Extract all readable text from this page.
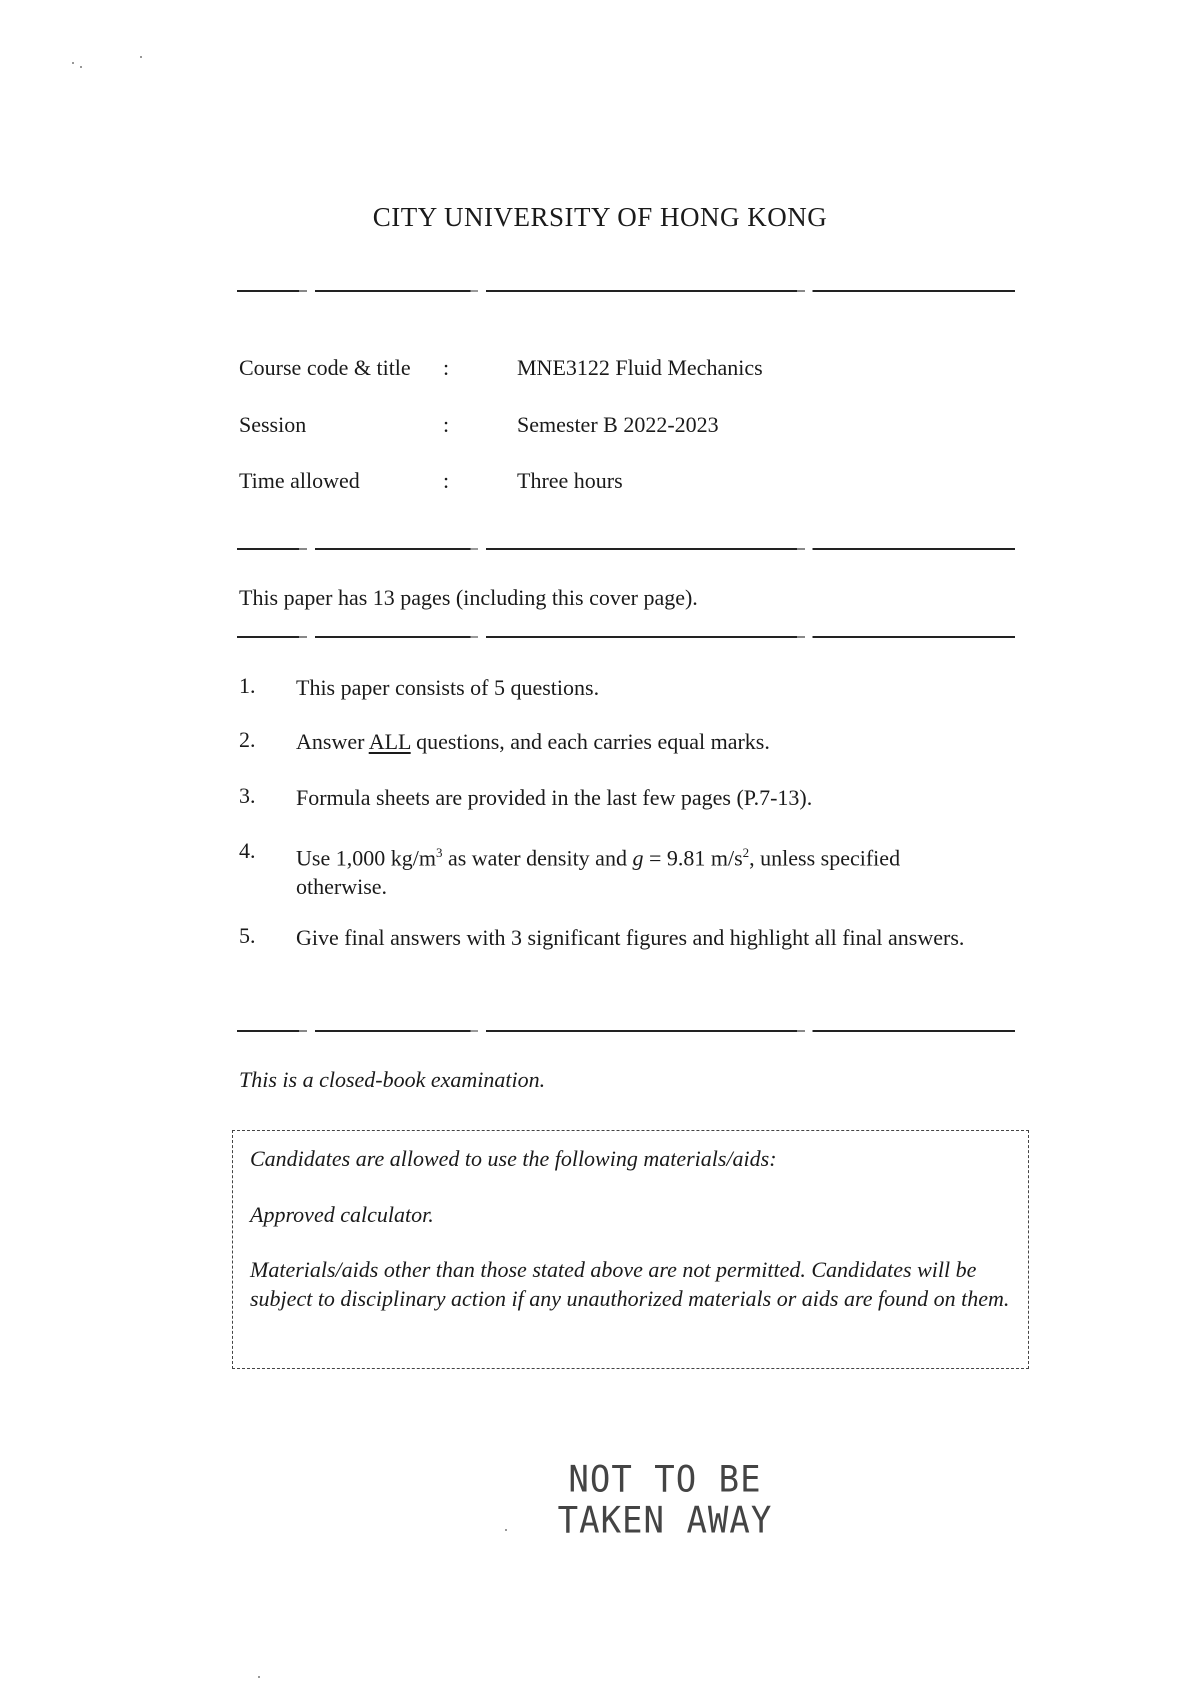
CITY UNIVERSITY OF HONG KONG
Course code & title :	MNE3122 Fluid Mechanics
Session	:	Semester B 2022-2023
Time allowed	:	Three hours
This paper has 13 pages (including this cover page).
1. This paper consists of 5 questions.
2. Answer ALL questions, and each carries equal marks.
3. Formula sheets are provided in the last few pages (P.7-13).
4. Use 1,000 $kg/m^3$ as water density and g = 9.81 $m/s^2$, unless specified otherwise.
5. Give final answers with 3 significant figures and highlight all final answers.
This is a closed-book examination.
Candidates are allowed to use the following materials/aids:
Approved calculator.
Materials/aids other than those stated above are not permitted. Candidates will be subject to disciplinary action if any unauthorized materials or aids are found on them.
NOT TO BE
TAKEN AWAY
